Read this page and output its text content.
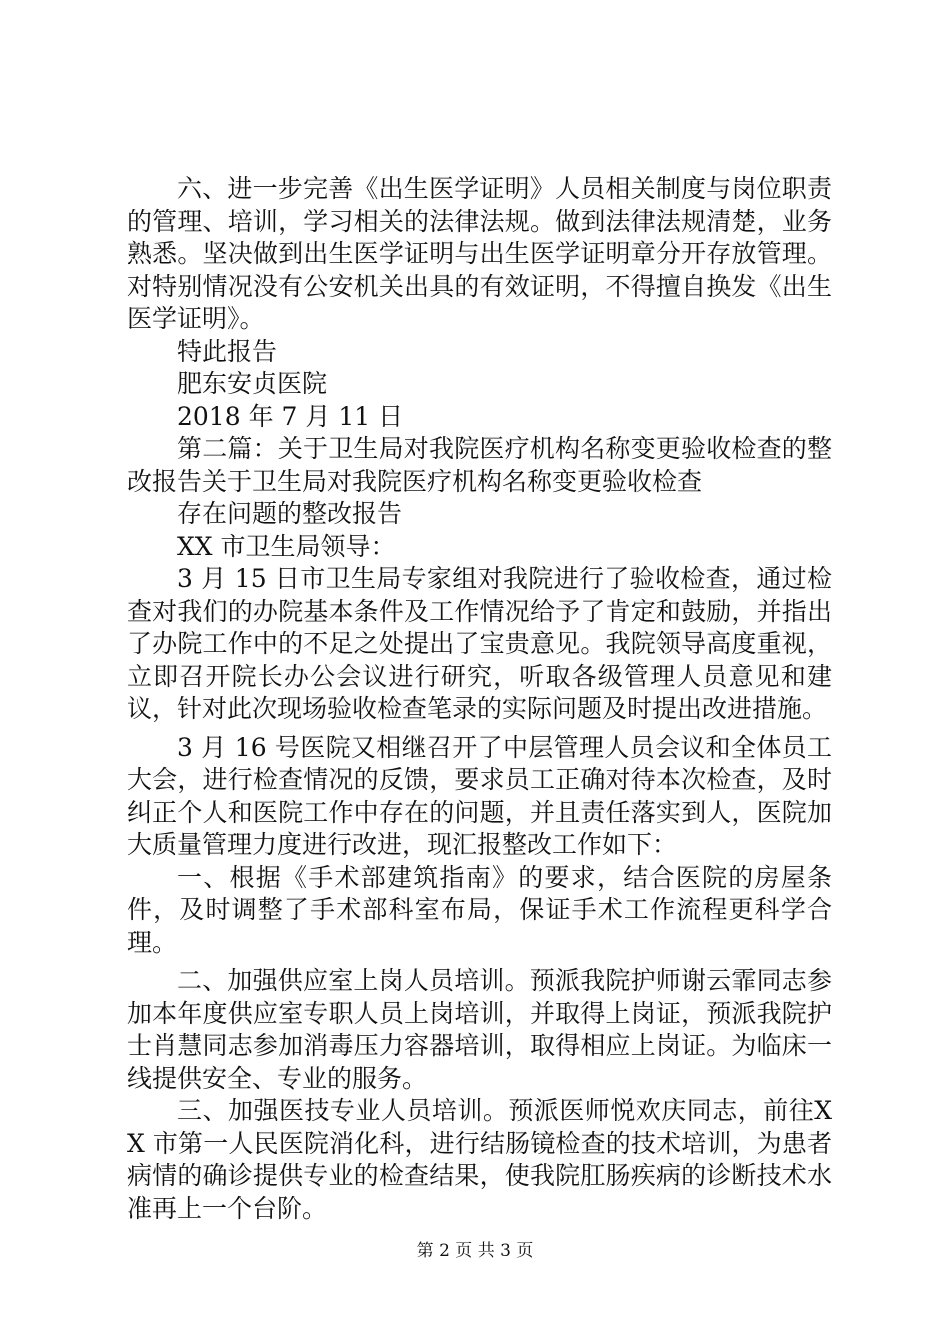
六、进一步完善《出生医学证明》人员相关制度与岗位职责的管理、培训，学习相关的法律法规。做到法律法规清楚，业务熟悉。坚决做到出生医学证明与出生医学证明章分开存放管理。对特别情况没有公安机关出具的有效证明，不得擅自换发《出生医学证明》。

特此报告

肥东安贞医院

2018 年 7 月 11 日

第二篇：关于卫生局对我院医疗机构名称变更验收检查的整改报告关于卫生局对我院医疗机构名称变更验收检查

存在问题的整改报告

XX 市卫生局领导：

3 月 15 日市卫生局专家组对我院进行了验收检查，通过检查对我们的办院基本条件及工作情况给予了肯定和鼓励，并指出了办院工作中的不足之处提出了宝贵意见。我院领导高度重视，立即召开院长办公会议进行研究，听取各级管理人员意见和建议，针对此次现场验收检查笔录的实际问题及时提出改进措施。

3 月 16 号医院又相继召开了中层管理人员会议和全体员工大会，进行检查情况的反馈，要求员工正确对待本次检查，及时纠正个人和医院工作中存在的问题，并且责任落实到人，医院加大质量管理力度进行改进，现汇报整改工作如下：

一、根据《手术部建筑指南》的要求，结合医院的房屋条件，及时调整了手术部科室布局，保证手术工作流程更科学合理。

二、加强供应室上岗人员培训。预派我院护师谢云霏同志参加本年度供应室专职人员上岗培训，并取得上岗证，预派我院护士肖慧同志参加消毒压力容器培训，取得相应上岗证。为临床一线提供安全、专业的服务。

三、加强医技专业人员培训。预派医师悦欢庆同志，前往XX 市第一人民医院消化科，进行结肠镜检查的技术培训，为患者病情的确诊提供专业的检查结果，使我院肛肠疾病的诊断技术水准再上一个台阶。

第 2 页 共 3 页
